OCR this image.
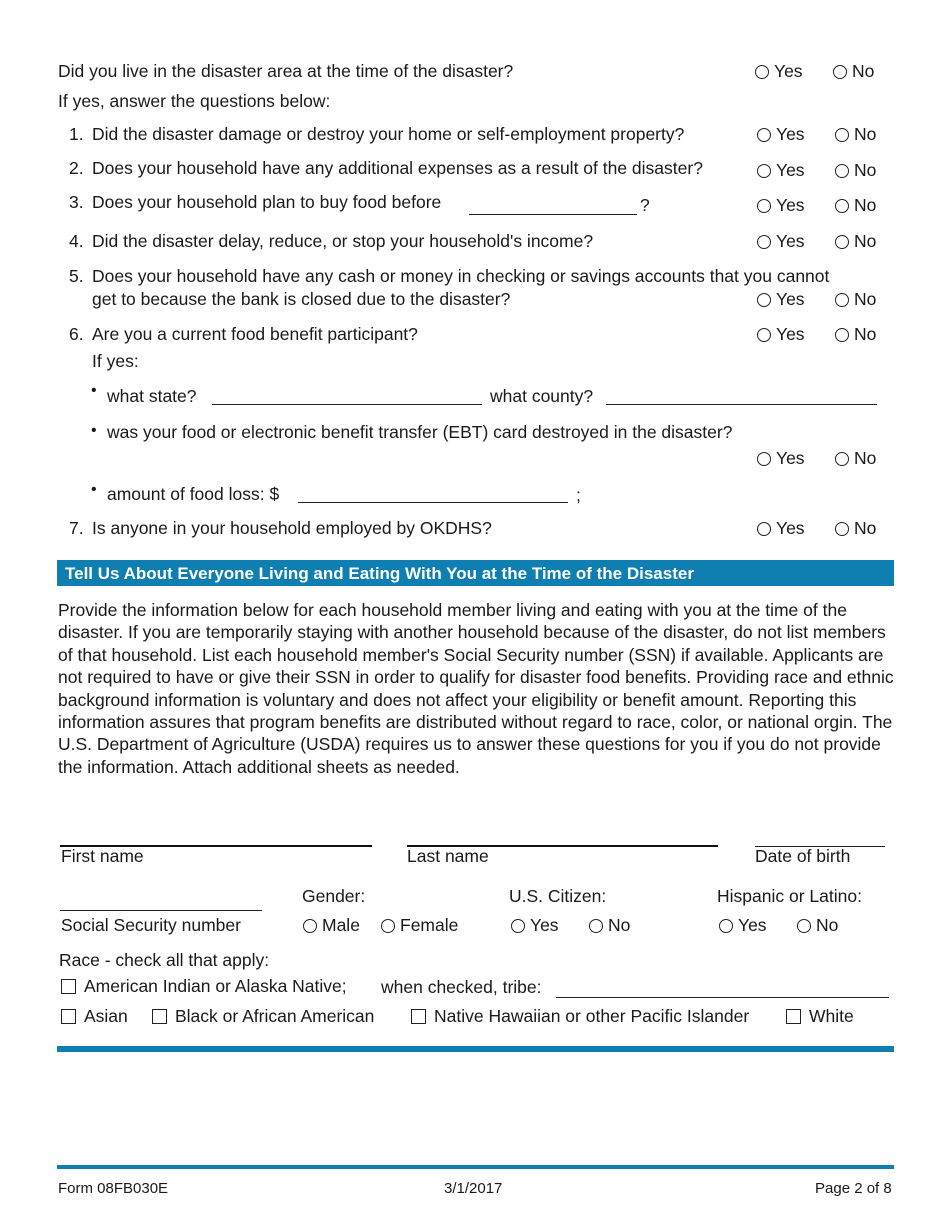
Did you live in the disaster area at the time of the disaster?	Yes	No
If yes, answer the questions below:
1. Did the disaster damage or destroy your home or self-employment property?	Yes	No
2. Does your household have any additional expenses as a result of the disaster?	Yes	No
3. Does your household plan to buy food before	?	Yes	No
4. Did the disaster delay, reduce, or stop your household's income?	Yes	No
5. Does your household have any cash or money in checking or savings accounts that you cannot
get to because the bank is closed due to the disaster?	Yes	No
6. Are you a current food benefit participant?	Yes	No
If yes:
• what state?	what county?
• was your food or electronic benefit transfer (EBT) card destroyed in the disaster?
Yes	No
• amount of food loss: $	;
7. Is anyone in your household employed by OKDHS?	Yes	No
Tell Us About Everyone Living and Eating With You at the Time of the Disaster
Provide the information below for each household member living and eating with you at the time of the disaster. If you are temporarily staying with another household because of the disaster, do not list members of that household. List each household member's Social Security number (SSN) if available. Applicants are not required to have or give their SSN in order to qualify for disaster food benefits. Providing race and ethnic background information is voluntary and does not affect your eligibility or benefit amount. Reporting this information assures that program benefits are distributed without regard to race, color, or national orgin. The U.S. Department of Agriculture (USDA) requires us to answer these questions for you if you do not provide the information. Attach additional sheets as needed.
First name	Last name	Date of birth
Social Security number
Gender:
Male	Female
U.S. Citizen:
Yes	No
Hispanic or Latino:
Yes	No
Race - check all that apply:
American Indian or Alaska Native; when checked, tribe:
Asian	Black or African American	Native Hawaiian or other Pacific Islander	White
Form 08FB030E	3/1/2017	Page 2 of 8
